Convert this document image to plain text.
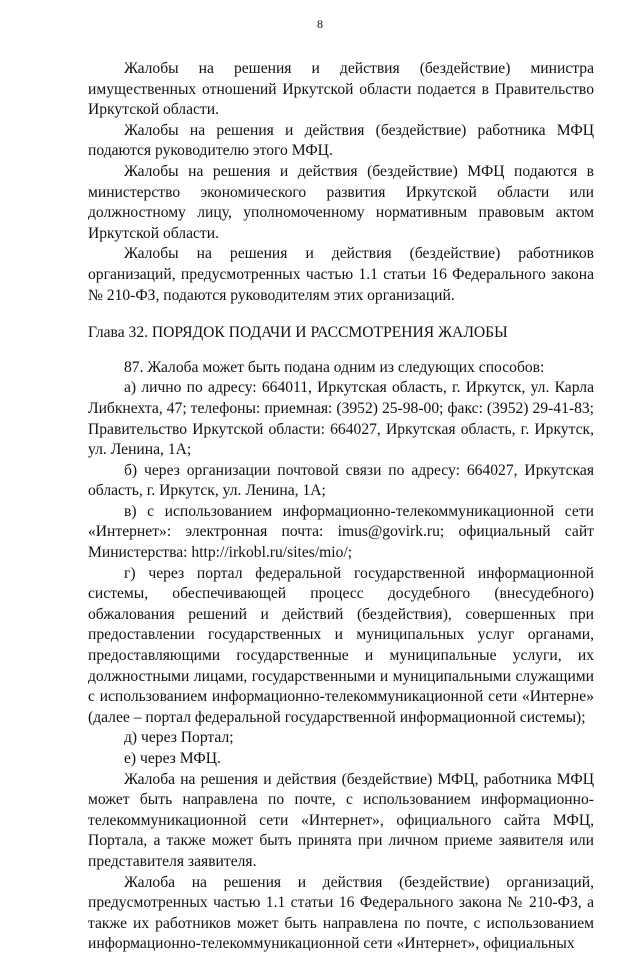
8

Жалобы на решения и действия (бездействие) министра имущественных отношений Иркутской области подается в Правительство Иркутской области.

Жалобы на решения и действия (бездействие) работника МФЦ подаются руководителю этого МФЦ.

Жалобы на решения и действия (бездействие) МФЦ подаются в министерство экономического развития Иркутской области или должностному лицу, уполномоченному нормативным правовым актом Иркутской области.

Жалобы на решения и действия (бездействие) работников организаций, предусмотренных частью 1.1 статьи 16 Федерального закона № 210-ФЗ, подаются руководителям этих организаций.

Глава 32. ПОРЯДОК ПОДАЧИ И РАССМОТРЕНИЯ ЖАЛОБЫ

87. Жалоба может быть подана одним из следующих способов:

а) лично по адресу: 664011, Иркутская область, г. Иркутск, ул. Карла Либкнехта, 47; телефоны: приемная: (3952) 25-98-00; факс: (3952) 29-41-83; Правительство Иркутской области: 664027, Иркутская область, г. Иркутск, ул. Ленина, 1А;

б) через организации почтовой связи по адресу: 664027, Иркутская область, г. Иркутск, ул. Ленина, 1А;

в) с использованием информационно-телекоммуникационной сети «Интернет»: электронная почта: imus@govirk.ru; официальный сайт Министерства: http://irkobl.ru/sites/mio/;

г) через портал федеральной государственной информационной системы, обеспечивающей процесс досудебного (внесудебного) обжалования решений и действий (бездействия), совершенных при предоставлении государственных и муниципальных услуг органами, предоставляющими государственные и муниципальные услуги, их должностными лицами, государственными и муниципальными служащими с использованием информационно-телекоммуникационной сети «Интерне» (далее – портал федеральной государственной информационной системы);

д) через Портал;

е) через МФЦ.

Жалоба на решения и действия (бездействие) МФЦ, работника МФЦ может быть направлена по почте, с использованием информационно-телекоммуникационной сети «Интернет», официального сайта МФЦ, Портала, а также может быть принята при личном приеме заявителя или представителя заявителя.

Жалоба на решения и действия (бездействие) организаций, предусмотренных частью 1.1 статьи 16 Федерального закона № 210-ФЗ, а также их работников может быть направлена по почте, с использованием информационно-телекоммуникационной сети «Интернет», официальных
